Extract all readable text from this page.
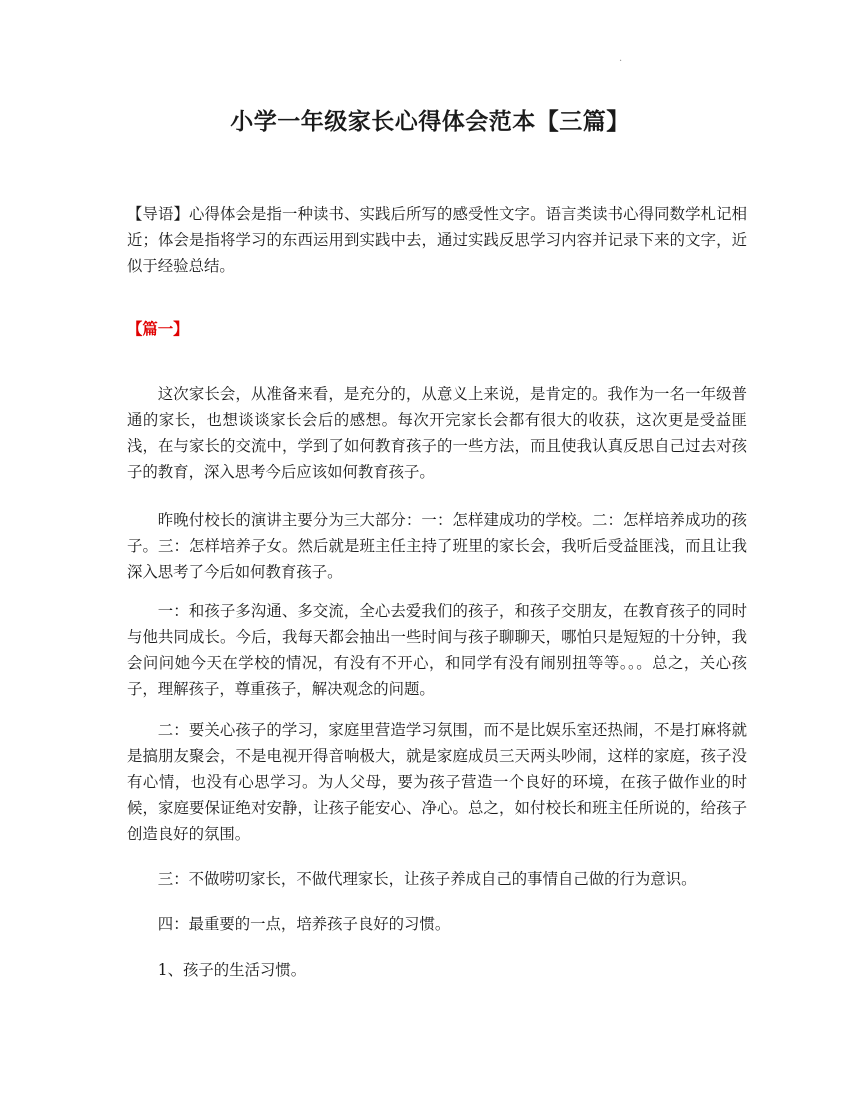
·
小学一年级家长心得体会范本【三篇】

【导语】心得体会是指一种读书、实践后所写的感受性文字。语言类读书心得同数学札记相近；体会是指将学习的东西运用到实践中去，通过实践反思学习内容并记录下来的文字，近似于经验总结。

【篇一】

这次家长会，从准备来看，是充分的，从意义上来说，是肯定的。我作为一名一年级普通的家长，也想谈谈家长会后的感想。每次开完家长会都有很大的收获，这次更是受益匪浅，在与家长的交流中，学到了如何教育孩子的一些方法，而且使我认真反思自己过去对孩子的教育，深入思考今后应该如何教育孩子。

昨晚付校长的演讲主要分为三大部分：一：怎样建成功的学校。二：怎样培养成功的孩子。三：怎样培养子女。然后就是班主任主持了班里的家长会，我听后受益匪浅，而且让我深入思考了今后如何教育孩子。

一：和孩子多沟通、多交流，全心去爱我们的孩子，和孩子交朋友，在教育孩子的同时与他共同成长。今后，我每天都会抽出一些时间与孩子聊聊天，哪怕只是短短的十分钟，我会问问她今天在学校的情况，有没有不开心，和同学有没有闹别扭等等。。。总之，关心孩子，理解孩子，尊重孩子，解决观念的问题。

二：要关心孩子的学习，家庭里营造学习氛围，而不是比娱乐室还热闹，不是打麻将就是搞朋友聚会，不是电视开得音响极大，就是家庭成员三天两头吵闹，这样的家庭，孩子没有心情，也没有心思学习。为人父母，要为孩子营造一个良好的环境，在孩子做作业的时候，家庭要保证绝对安静，让孩子能安心、净心。总之，如付校长和班主任所说的，给孩子创造良好的氛围。

三：不做唠叨家长，不做代理家长，让孩子养成自己的事情自己做的行为意识。

四：最重要的一点，培养孩子良好的习惯。

1、孩子的生活习惯。
